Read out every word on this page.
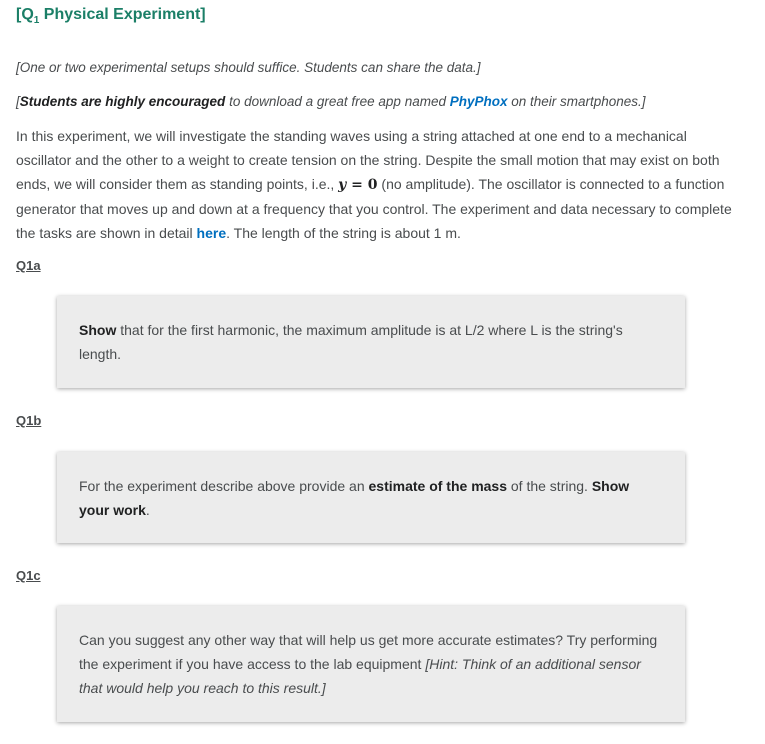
[$Q_1$ Physical Experiment]
[One or two experimental setups should suffice. Students can share the data.]
[Students are highly encouraged to download a great free app named PhyPhox on their smartphones.]
In this experiment, we will investigate the standing waves using a string attached at one end to a mechanical oscillator and the other to a weight to create tension on the string. Despite the small motion that may exist on both ends, we will consider them as standing points, i.e., y = 0 (no amplitude). The oscillator is connected to a function generator that moves up and down at a frequency that you control. The experiment and data necessary to complete the tasks are shown in detail here. The length of the string is about 1 m.
Q1a
Show that for the first harmonic, the maximum amplitude is at L/2 where L is the string's length.
Q1b
For the experiment describe above provide an estimate of the mass of the string. Show your work.
Q1c
Can you suggest any other way that will help us get more accurate estimates? Try performing the experiment if you have access to the lab equipment [Hint: Think of an additional sensor that would help you reach to this result.]
